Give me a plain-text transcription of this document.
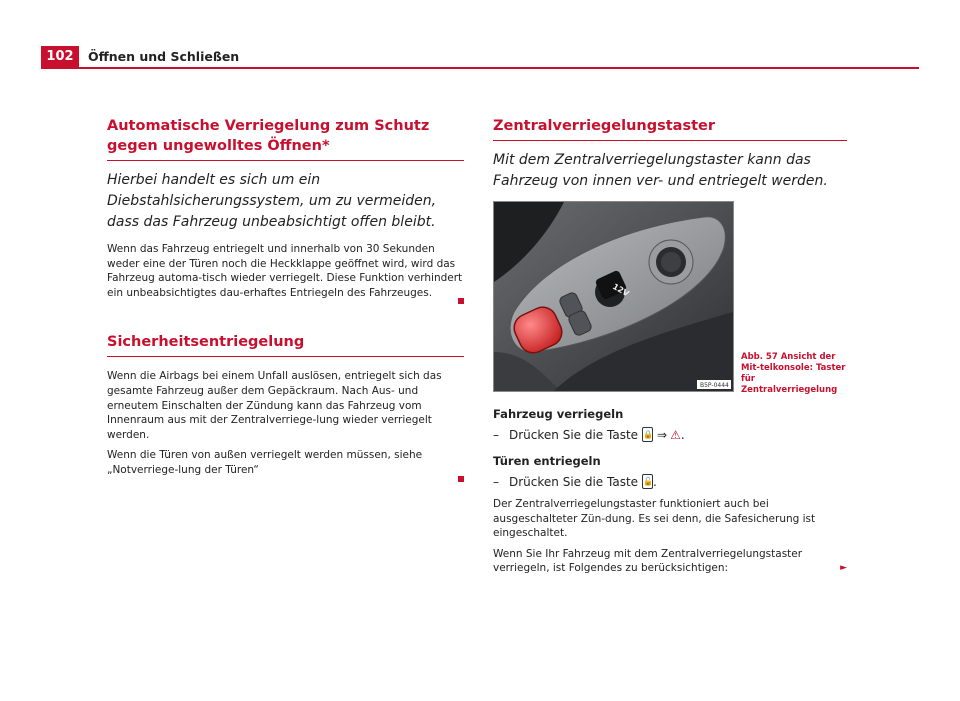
102	Öffnen und Schließen
Automatische Verriegelung zum Schutz gegen ungewolltes Öffnen*
Hierbei handelt es sich um ein Diebstahlsicherungssystem, um zu vermeiden, dass das Fahrzeug unbeabsichtigt offen bleibt.

Wenn das Fahrzeug entriegelt und innerhalb von 30 Sekunden weder eine der Türen noch die Heckklappe geöffnet wird, wird das Fahrzeug automa-tisch wieder verriegelt. Diese Funktion verhindert ein unbeabsichtigtes dau-erhaftes Entriegeln des Fahrzeuges.

Sicherheitsentriegelung

Wenn die Airbags bei einem Unfall auslösen, entriegelt sich das gesamte Fahrzeug außer dem Gepäckraum. Nach Aus- und erneutem Einschalten der Zündung kann das Fahrzeug vom Innenraum aus mit der Zentralverriege-lung wieder verriegelt werden.

Wenn die Türen von außen verriegelt werden müssen, siehe „Notverriege-lung der Türen“

Zentralverriegelungstaster
Mit dem Zentralverriegelungstaster kann das Fahrzeug von innen ver- und entriegelt werden.
12V
B5P-0444
Abb. 57 Ansicht der Mit-telkonsole: Taster für Zentralverriegelung
Fahrzeug verriegeln
– Drücken Sie die Taste 🔒 ⇒ ⚠ .
Türen entriegeln
– Drücken Sie die Taste 🔓 .

Der Zentralverriegelungstaster funktioniert auch bei ausgeschalteter Zün-dung. Es sei denn, die Safesicherung ist eingeschaltet.

Wenn Sie Ihr Fahrzeug mit dem Zentralverriegelungstaster verriegeln, ist Folgendes zu berücksichtigen:	►
